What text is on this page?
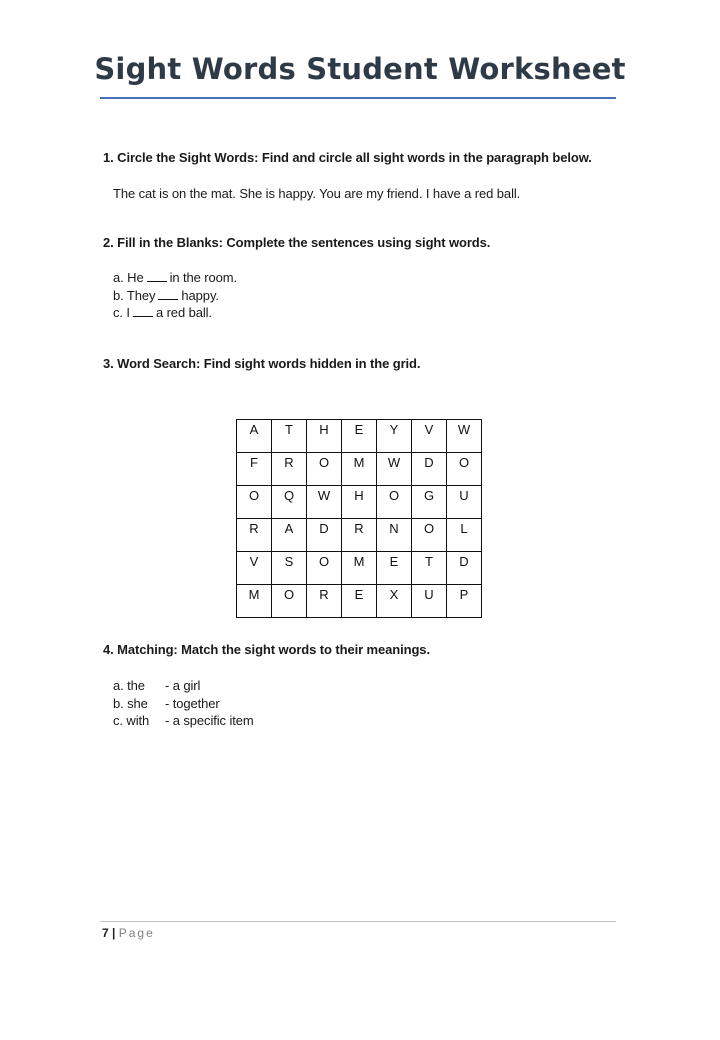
Sight Words Student Worksheet
1. Circle the Sight Words: Find and circle all sight words in the paragraph below.
The cat is on the mat. She is happy. You are my friend. I have a red ball.
2. Fill in the Blanks: Complete the sentences using sight words.
a. He in the room.
b. They happy.
c. I a red ball.
3. Word Search: Find sight words hidden in the grid.
A	T	H	E	Y	V	W
F	R	O	M	W	D	O
O	Q	W	H	O	G	U
R	A	D	R	N	O	L
V	S	O	M	E	T	D
M	O	R	E	X	U	P
4. Matching: Match the sight words to their meanings.
a. the	- a girl
b. she	- together
c. with	- a specific item
7 | Page
